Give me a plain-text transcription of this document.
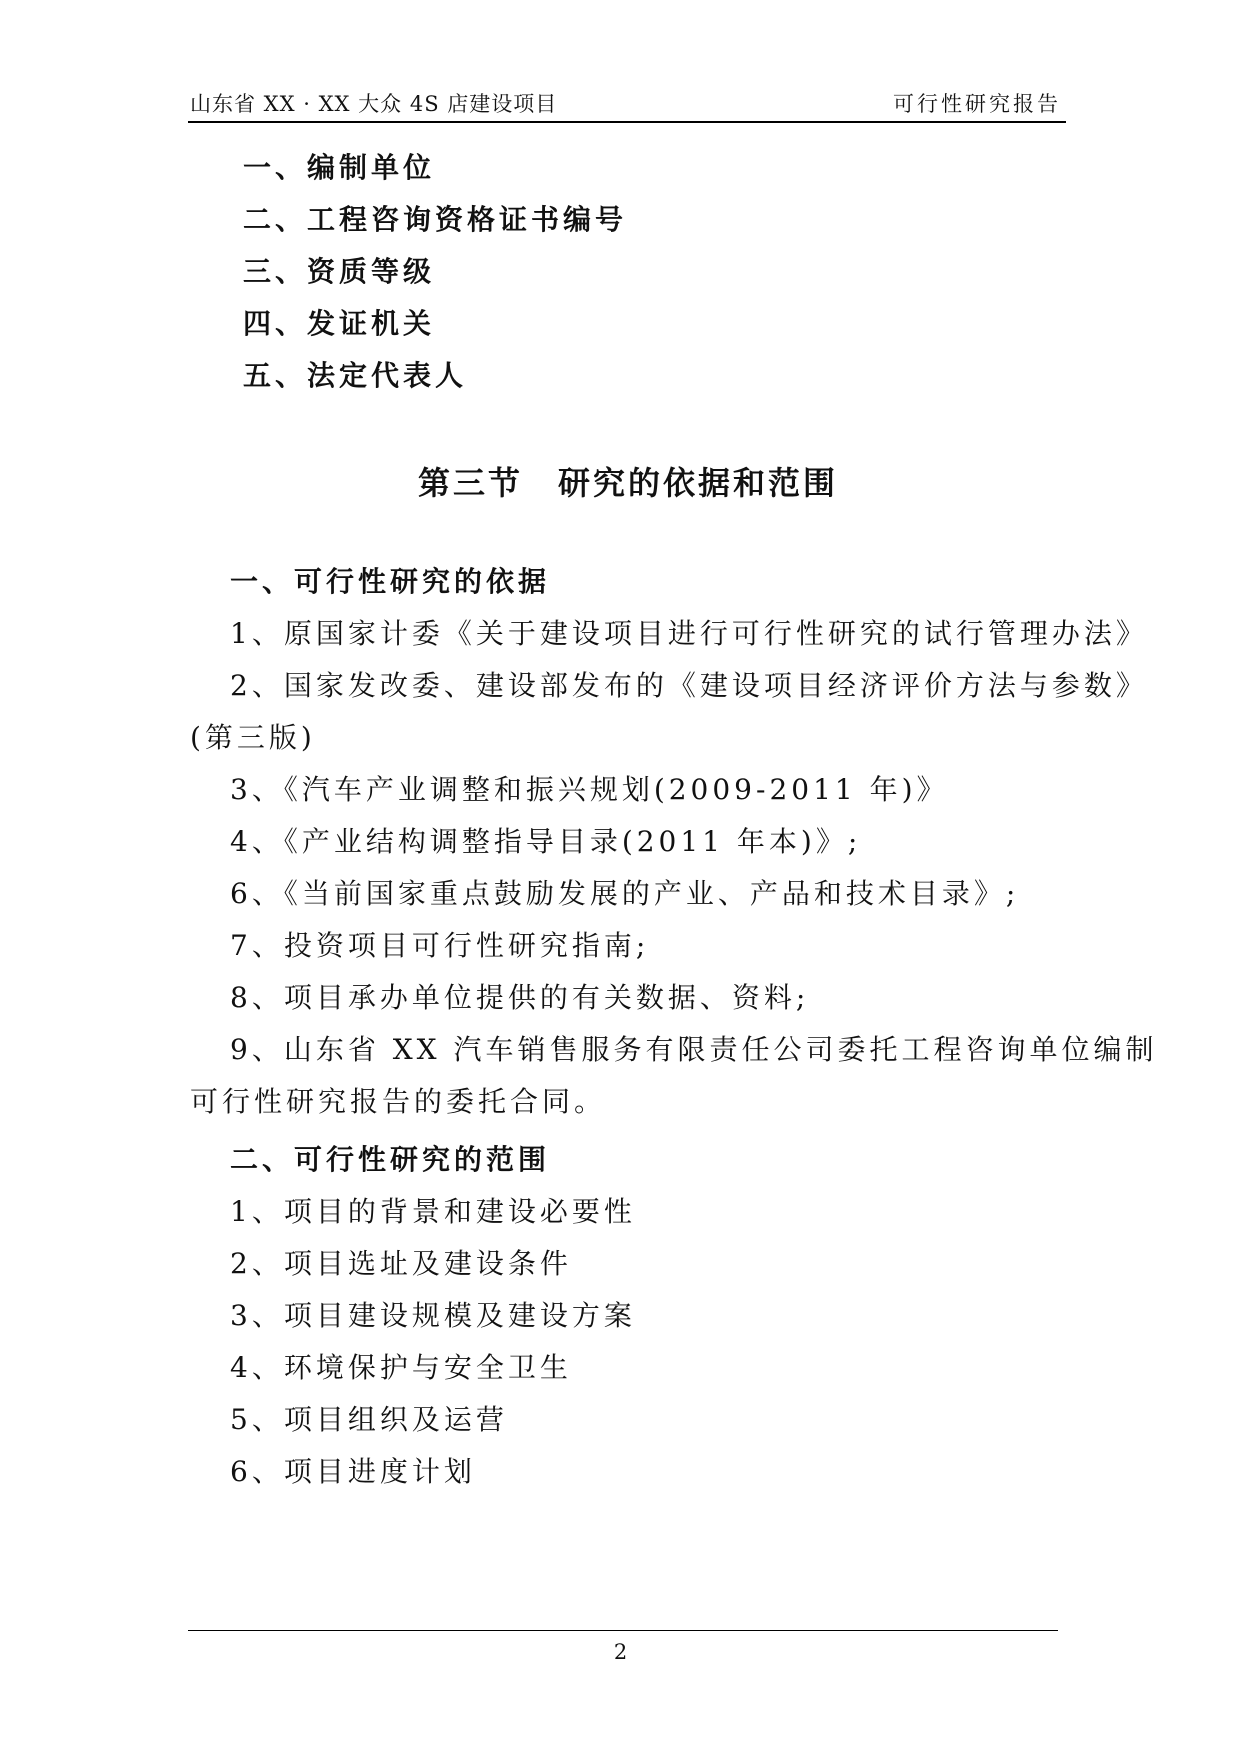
山东省 XX · XX 大众 4S 店建设项目	可行性研究报告
一、编制单位
二、工程咨询资格证书编号
三、资质等级
四、发证机关
五、法定代表人
第三节　研究的依据和范围
一、可行性研究的依据
1、原国家计委《关于建设项目进行可行性研究的试行管理办法》
2、国家发改委、建设部发布的《建设项目经济评价方法与参数》
(第三版)
3、《汽车产业调整和振兴规划(2009-2011 年)》
4、《产业结构调整指导目录(2011 年本)》;
6、《当前国家重点鼓励发展的产业、产品和技术目录》;
7、投资项目可行性研究指南;
8、项目承办单位提供的有关数据、资料;
9、山东省 XX 汽车销售服务有限责任公司委托工程咨询单位编制
可行性研究报告的委托合同。
二、可行性研究的范围
1、项目的背景和建设必要性
2、项目选址及建设条件
3、项目建设规模及建设方案
4、环境保护与安全卫生
5、项目组织及运营
6、项目进度计划
2
